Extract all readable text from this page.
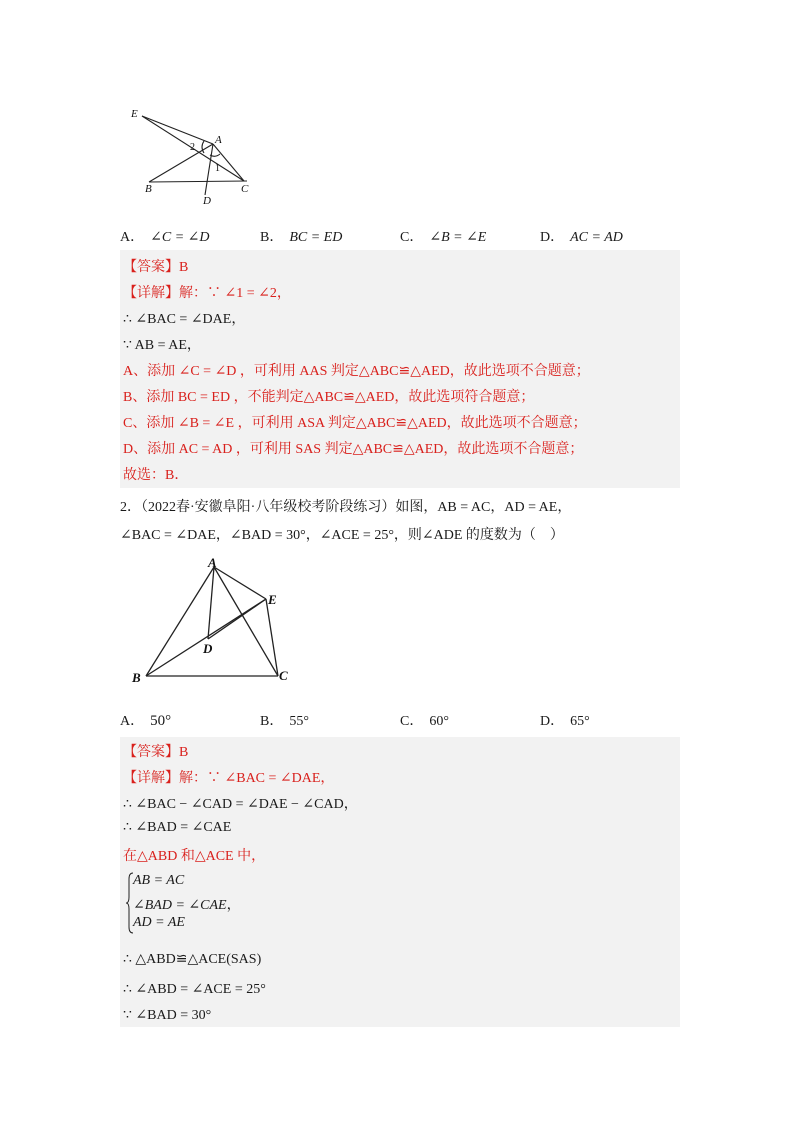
E
A
B	C
D
2
1
A． ∠C = ∠D	B． BC = ED	C． ∠B = ∠E	D． AC = AD
【答案】B
【详解】解：∵ ∠1 = ∠2，
∴ ∠BAC = ∠DAE，
∵ AB = AE，
A、添加 ∠C = ∠D ，可利用 AAS 判定△ABC≌△AED，故此选项不合题意；
B、添加 BC = ED ，不能判定△ABC≌△AED，故此选项符合题意；
C、添加 ∠B = ∠E ，可利用 ASA 判定△ABC≌△AED，故此选项不合题意；
D、添加 AC = AD ，可利用 SAS 判定△ABC≌△AED，故此选项不合题意；
故选：B．
2．（2022春·安徽阜阳·八年级校考阶段练习）如图，AB = AC，AD = AE，
∠BAC = ∠DAE，∠BAD = 30°，∠ACE = 25°，则∠ADE 的度数为（　）
A
E
D
B	C
A． 50°	B． 55°	C． 60°	D． 65°
【答案】B
【详解】解：∵ ∠BAC = ∠DAE，
∴ ∠BAC − ∠CAD = ∠DAE − ∠CAD，
∴ ∠BAD = ∠CAE
在△ABD 和△ACE 中，
AB = AC
∠BAD = ∠CAE，
AD = AE
∴ △ABD≌△ACE(SAS)
∴ ∠ABD = ∠ACE = 25°
∵ ∠BAD = 30°
